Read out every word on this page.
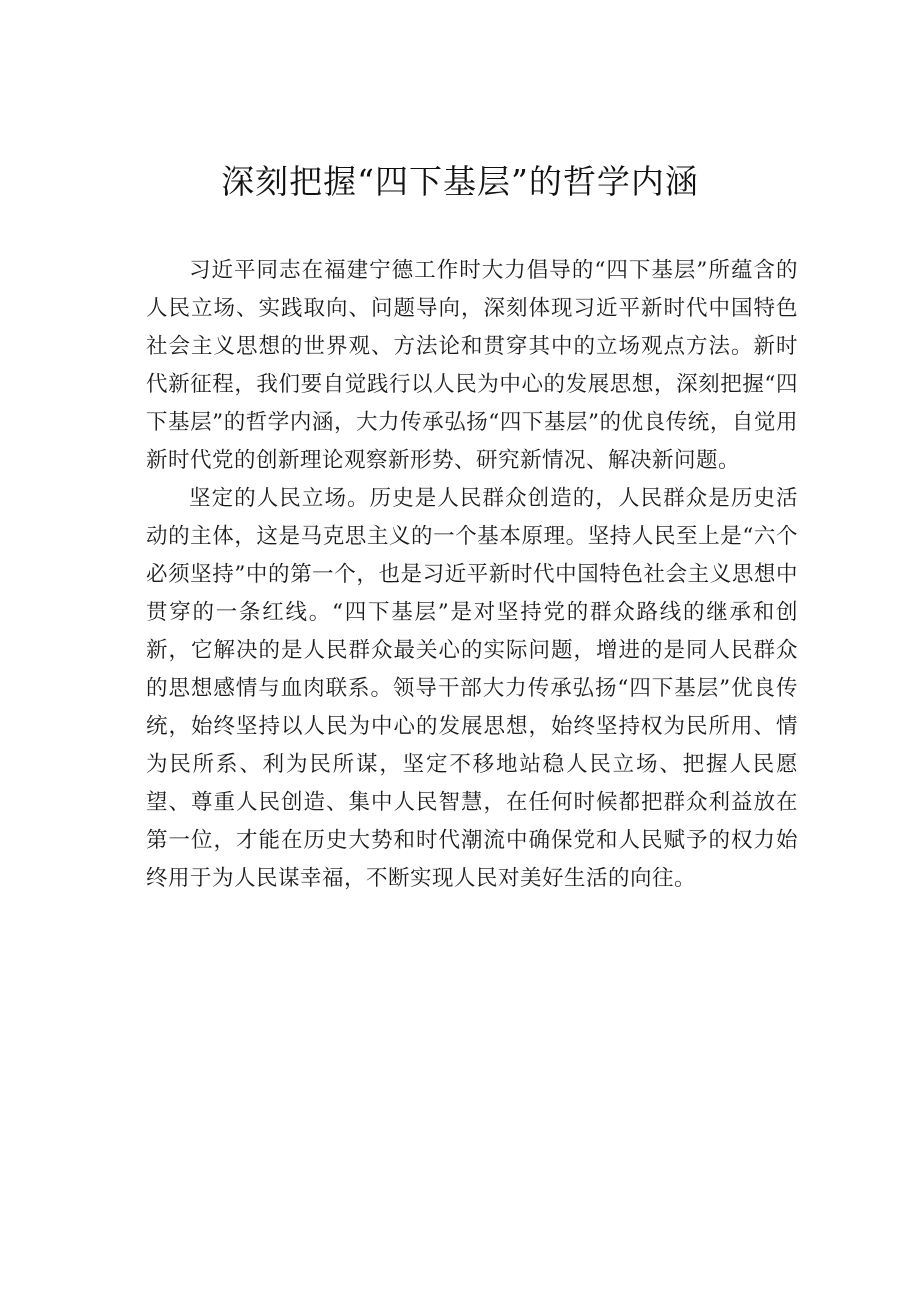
深刻把握“四下基层”的哲学内涵

习近平同志在福建宁德工作时大力倡导的“四下基层”所蕴含的人民立场、实践取向、问题导向，深刻体现习近平新时代中国特色社会主义思想的世界观、方法论和贯穿其中的立场观点方法。新时代新征程，我们要自觉践行以人民为中心的发展思想，深刻把握“四下基层”的哲学内涵，大力传承弘扬“四下基层”的优良传统，自觉用新时代党的创新理论观察新形势、研究新情况、解决新问题。

坚定的人民立场。历史是人民群众创造的，人民群众是历史活动的主体，这是马克思主义的一个基本原理。坚持人民至上是“六个必须坚持”中的第一个，也是习近平新时代中国特色社会主义思想中贯穿的一条红线。“四下基层”是对坚持党的群众路线的继承和创新，它解决的是人民群众最关心的实际问题，增进的是同人民群众的思想感情与血肉联系。领导干部大力传承弘扬“四下基层”优良传统，始终坚持以人民为中心的发展思想，始终坚持权为民所用、情为民所系、利为民所谋，坚定不移地站稳人民立场、把握人民愿望、尊重人民创造、集中人民智慧，在任何时候都把群众利益放在第一位，才能在历史大势和时代潮流中确保党和人民赋予的权力始终用于为人民谋幸福，不断实现人民对美好生活的向往。
